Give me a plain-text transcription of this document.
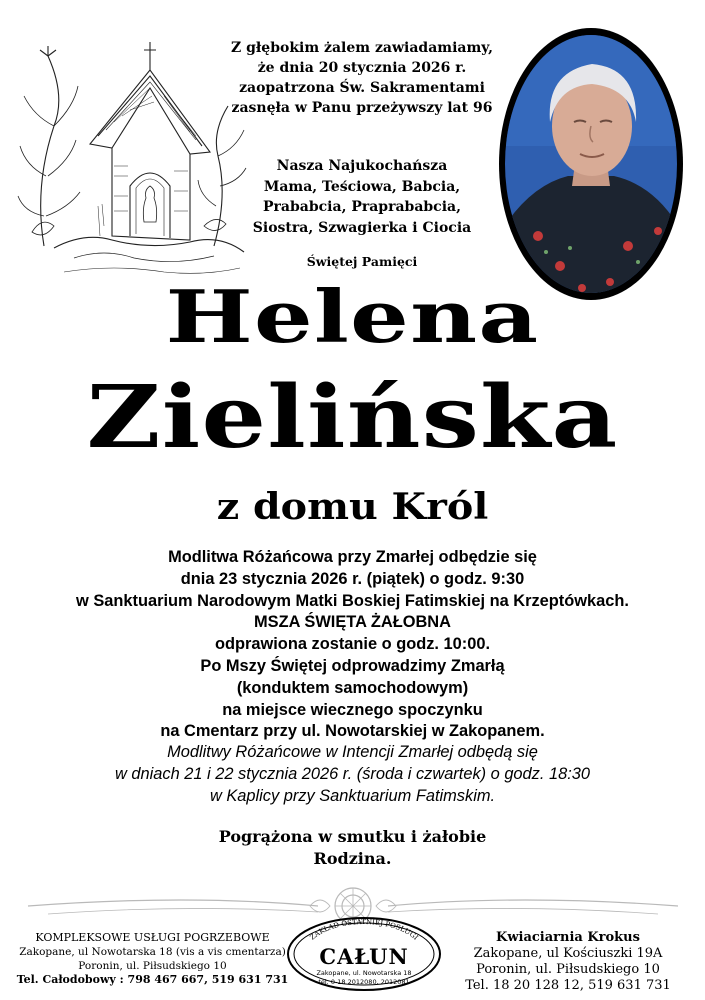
Z głębokim żalem zawiadamiamy,
że dnia 20 stycznia 2026 r.
zaopatrzona Św. Sakramentami
zasnęła w Panu przeżywszy lat 96
Nasza Najukochańsza
Mama, Teściowa, Babcia,
Prababcia, Praprababcia,
Siostra, Szwagierka i Ciocia
Świętej Pamięci
Helena
Zielińska
z domu Król
Modlitwa Różańcowa przy Zmarłej odbędzie się
dnia 23 stycznia 2026 r. (piątek) o godz. 9:30
w Sanktuarium Narodowym Matki Boskiej Fatimskiej na Krzeptówkach.
MSZA ŚWIĘTA ŻAŁOBNA
odprawiona zostanie o godz. 10:00.
Po Mszy Świętej odprowadzimy Zmarłą
(konduktem samochodowym)
na miejsce wiecznego spoczynku
na Cmentarz przy ul. Nowotarskiej w Zakopanem.
Modlitwy Różańcowe w Intencji Zmarłej odbędą się
w dniach 21 i 22 stycznia 2026 r. (środa i czwartek) o godz. 18:30
w Kaplicy przy Sanktuarium Fatimskim.
Pogrążona w smutku i żałobie
Rodzina.
KOMPLEKSOWE USŁUGI POGRZEBOWE
Zakopane, ul Nowotarska 18 (vis a vis cmentarza)
Poronin, ul. Piłsudskiego 10
Tel. Całodobowy : 798 467 667, 519 631 731
ZAKŁAD OSTATNIEJ POSŁUGI
CAŁUN
Zakopane, ul. Nowotarska 18
tel. 0-18 2012080, 2012081
Kwiaciarnia Krokus
Zakopane, ul Kościuszki 19A
Poronin, ul. Piłsudskiego 10
Tel. 18 20 128 12, 519 631 731
